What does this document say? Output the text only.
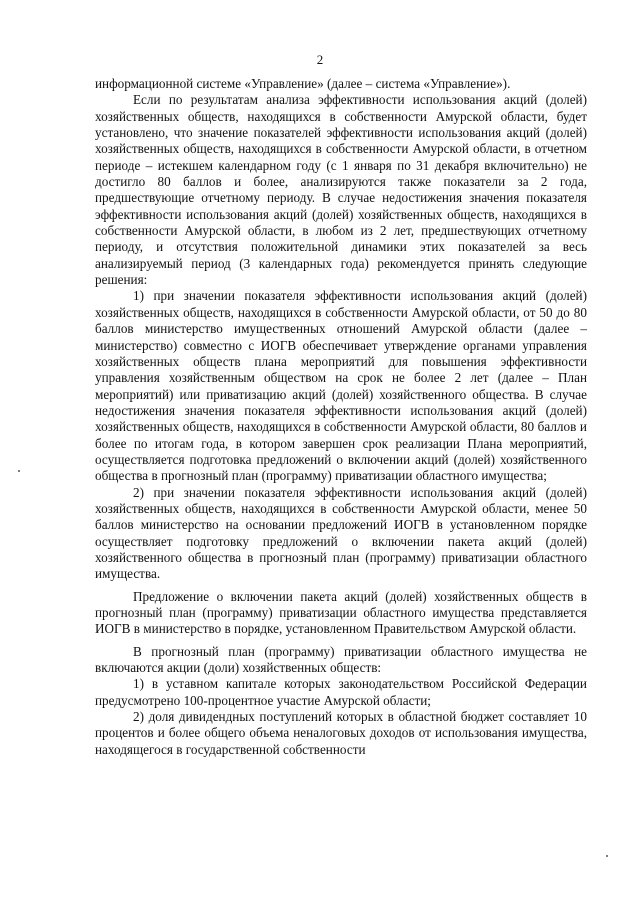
2

информационной системе «Управление» (далее – система «Управление»).

Если по результатам анализа эффективности использования акций (долей) хозяйственных обществ, находящихся в собственности Амурской области, будет установлено, что значение показателей эффективности использования акций (долей) хозяйственных обществ, находящихся в собственности Амурской области, в отчетном периоде – истекшем календарном году (с 1 января по 31 декабря включительно) не достигло 80 баллов и более, анализируются также показатели за 2 года, предшествующие отчетному периоду. В случае недостижения значения показателя эффективности использования акций (долей) хозяйственных обществ, находящихся в собственности Амурской области, в любом из 2 лет, предшествующих отчетному периоду, и отсутствия положительной динамики этих показателей за весь анализируемый период (3 календарных года) рекомендуется принять следующие решения:

1) при значении показателя эффективности использования акций (долей) хозяйственных обществ, находящихся в собственности Амурской области, от 50 до 80 баллов министерство имущественных отношений Амурской области (далее – министерство) совместно с ИОГВ обеспечивает утверждение органами управления хозяйственных обществ плана мероприятий для повышения эффективности управления хозяйственным обществом на срок не более 2 лет (далее – План мероприятий) или приватизацию акций (долей) хозяйственного общества. В случае недостижения значения показателя эффективности использования акций (долей) хозяйственных обществ, находящихся в собственности Амурской области, 80 баллов и более по итогам года, в котором завершен срок реализации Плана мероприятий, осуществляется подготовка предложений о включении акций (долей) хозяйственного общества в прогнозный план (программу) приватизации областного имущества;

2) при значении показателя эффективности использования акций (долей) хозяйственных обществ, находящихся в собственности Амурской области, менее 50 баллов министерство на основании предложений ИОГВ в установленном порядке осуществляет подготовку предложений о включении пакета акций (долей) хозяйственного общества в прогнозный план (программу) приватизации областного имущества.

Предложение о включении пакета акций (долей) хозяйственных обществ в прогнозный план (программу) приватизации областного имущества представляется ИОГВ в министерство в порядке, установленном Правительством Амурской области.

В прогнозный план (программу) приватизации областного имущества не включаются акции (доли) хозяйственных обществ:

1) в уставном капитале которых законодательством Российской Федерации предусмотрено 100-процентное участие Амурской области;

2) доля дивидендных поступлений которых в областной бюджет составляет 10 процентов и более общего объема неналоговых доходов от использования имущества, находящегося в государственной собственности
